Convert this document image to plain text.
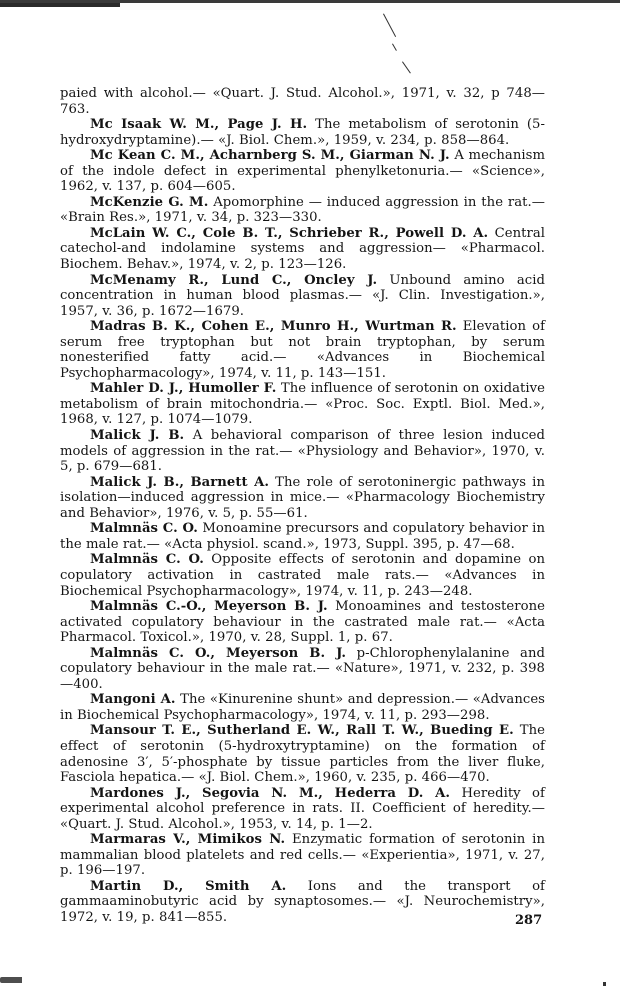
paied with alcohol.— «Quart. J. Stud. Alcohol.», 1971, v. 32, p 748—763.

Mc Isaak W. M., Page J. H. The metabolism of serotonin (5-hydroxydryptamine).— «J. Biol. Chem.», 1959, v. 234, p. 858—864.

Mc Kean C. M., Acharnberg S. M., Giarman N. J. A mechanism of the indole defect in experimental phenylketonuria.— «Science», 1962, v. 137, p. 604—605.

McKenzie G. M. Apomorphine — induced aggression in the rat.— «Brain Res.», 1971, v. 34, p. 323—330.

McLain W. C., Cole B. T., Schrieber R., Powell D. A. Central catechol-and indolamine systems and aggression— «Pharmacol. Biochem. Behav.», 1974, v. 2, p. 123—126.

McMenamy R., Lund C., Oncley J. Unbound amino acid concentration in human blood plasmas.— «J. Clin. Investigation.», 1957, v. 36, p. 1672—1679.

Madras B. K., Cohen E., Munro H., Wurtman R. Elevation of serum free tryptophan but not brain tryptophan, by serum nonesterified fatty acid.— «Advances in Biochemical Psychopharmacology», 1974, v. 11, p. 143—151.

Mahler D. J., Humoller F. The influence of serotonin on oxidative metabolism of brain mitochondria.— «Proc. Soc. Exptl. Biol. Med.», 1968, v. 127, p. 1074—1079.

Malick J. B. A behavioral comparison of three lesion induced models of aggression in the rat.— «Physiology and Behavior», 1970, v. 5, p. 679—681.

Malick J. B., Barnett A. The role of serotoninergic pathways in isolation—induced aggression in mice.— «Pharmacology Biochemistry and Behavior», 1976, v. 5, p. 55—61.

Malmnäs C. O. Monoamine precursors and copulatory behavior in the male rat.— «Acta physiol. scand.», 1973, Suppl. 395, p. 47—68.

Malmnäs C. O. Opposite effects of serotonin and dopamine on copulatory activation in castrated male rats.— «Advances in Biochemical Psychopharmacology», 1974, v. 11, p. 243—248.

Malmnäs C.-O., Meyerson B. J. Monoamines and testosterone activated copulatory behaviour in the castrated male rat.— «Acta Pharmacol. Toxicol.», 1970, v. 28, Suppl. 1, p. 67.

Malmnäs C. O., Meyerson B. J. p-Chlorophenylalanine and copulatory behaviour in the male rat.— «Nature», 1971, v. 232, p. 398—400.

Mangoni A. The «Kinurenine shunt» and depression.— «Advances in Biochemical Psychopharmacology», 1974, v. 11, p. 293—298.

Mansour T. E., Sutherland E. W., Rall T. W., Bueding E. The effect of serotonin (5-hydroxytryptamine) on the formation of adenosine 3′, 5′-phosphate by tissue particles from the liver fluke, Fasciola hepatica.— «J. Biol. Chem.», 1960, v. 235, p. 466—470.

Mardones J., Segovia N. M., Hederra D. A. Heredity of experimental alcohol preference in rats. II. Coefficient of heredity.— «Quart. J. Stud. Alcohol.», 1953, v. 14, p. 1—2.

Marmaras V., Mimikos N. Enzymatic formation of serotonin in mammalian blood platelets and red cells.— «Experientia», 1971, v. 27, p. 196—197.

Martin D., Smith A. Ions and the transport of gammaaminobutyric acid by synaptosomes.— «J. Neurochemistry», 1972, v. 19, p. 841—855.	287
